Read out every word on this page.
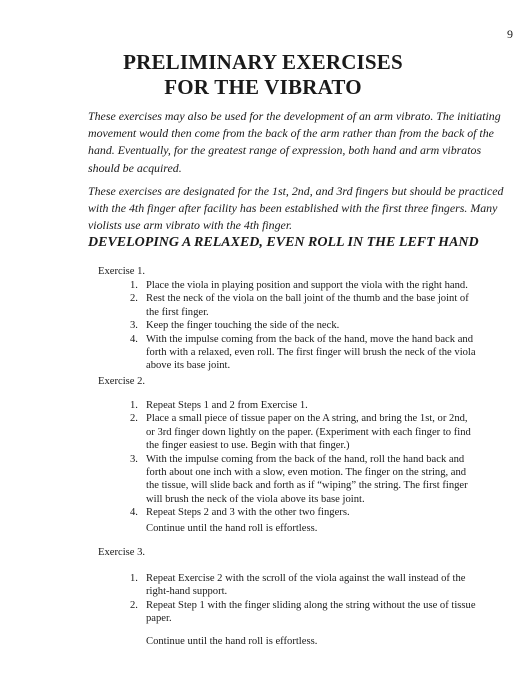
9
PRELIMINARY EXERCISES
FOR THE VIBRATO

These exercises may also be used for the development of an arm vibrato. The initiating movement would then come from the back of the arm rather than from the back of the hand. Eventually, for the greatest range of expression, both hand and arm vibratos should be acquired.

These exercises are designated for the 1st, 2nd, and 3rd fingers but should be practiced with the 4th finger after facility has been established with the first three fingers. Many violists use arm vibrato with the 4th finger.

DEVELOPING A RELAXED, EVEN ROLL IN THE LEFT HAND

Exercise 1.

1. Place the viola in playing position and support the viola with the right hand.
2. Rest the neck of the viola on the ball joint of the thumb and the base joint of the first finger.
3. Keep the finger touching the side of the neck.
4. With the impulse coming from the back of the hand, move the hand back and forth with a relaxed, even roll. The first finger will brush the neck of the viola above its base joint.

Exercise 2.

1. Repeat Steps 1 and 2 from Exercise 1.
2. Place a small piece of tissue paper on the A string, and bring the 1st, or 2nd, or 3rd finger down lightly on the paper. (Experiment with each finger to find the finger easiest to use. Begin with that finger.)
3. With the impulse coming from the back of the hand, roll the hand back and forth about one inch with a slow, even motion. The finger on the string, and the tissue, will slide back and forth as if “wiping” the string. The first finger will brush the neck of the viola above its base joint.
4. Repeat Steps 2 and 3 with the other two fingers.

Continue until the hand roll is effortless.

Exercise 3.

1. Repeat Exercise 2 with the scroll of the viola against the wall instead of the right-hand support.
2. Repeat Step 1 with the finger sliding along the string without the use of tissue paper.

Continue until the hand roll is effortless.
